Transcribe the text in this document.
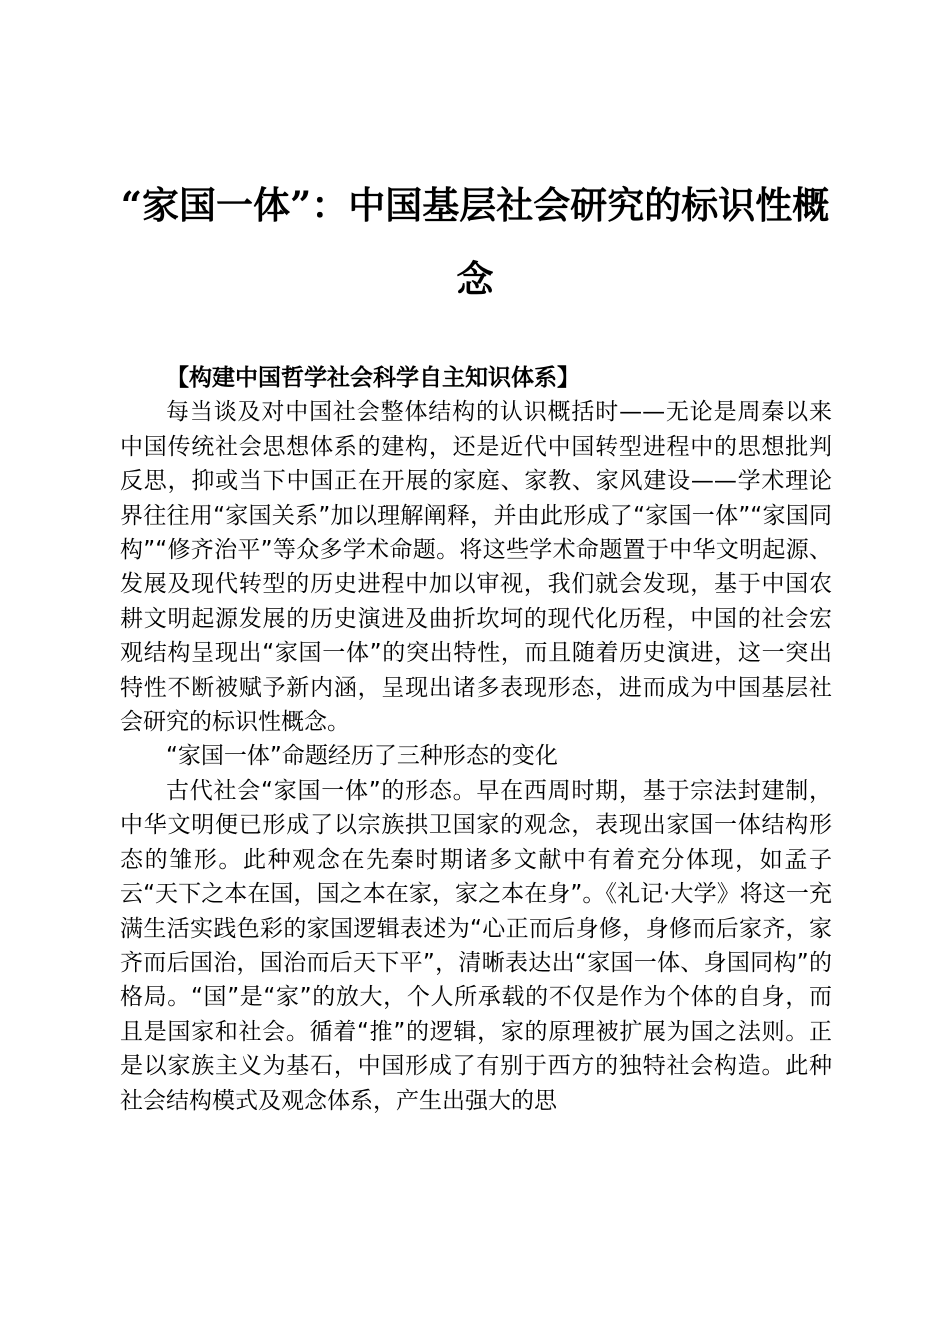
“家国一体”：中国基层社会研究的标识性概念

【构建中国哲学社会科学自主知识体系】

每当谈及对中国社会整体结构的认识概括时——无论是周秦以来中国传统社会思想体系的建构，还是近代中国转型进程中的思想批判反思，抑或当下中国正在开展的家庭、家教、家风建设——学术理论界往往用“家国关系”加以理解阐释，并由此形成了“家国一体”“家国同构”“修齐治平”等众多学术命题。将这些学术命题置于中华文明起源、发展及现代转型的历史进程中加以审视，我们就会发现，基于中国农耕文明起源发展的历史演进及曲折坎坷的现代化历程，中国的社会宏观结构呈现出“家国一体”的突出特性，而且随着历史演进，这一突出特性不断被赋予新内涵，呈现出诸多表现形态，进而成为中国基层社会研究的标识性概念。

“家国一体”命题经历了三种形态的变化

古代社会“家国一体”的形态。早在西周时期，基于宗法封建制，中华文明便已形成了以宗族拱卫国家的观念，表现出家国一体结构形态的雏形。此种观念在先秦时期诸多文献中有着充分体现，如孟子云“天下之本在国，国之本在家，家之本在身”。《礼记·大学》将这一充满生活实践色彩的家国逻辑表述为“心正而后身修，身修而后家齐，家齐而后国治，国治而后天下平”，清晰表达出“家国一体、身国同构”的格局。“国”是“家”的放大，个人所承载的不仅是作为个体的自身，而且是国家和社会。循着“推”的逻辑，家的原理被扩展为国之法则。正是以家族主义为基石，中国形成了有别于西方的独特社会构造。此种社会结构模式及观念体系，产生出强大的思
